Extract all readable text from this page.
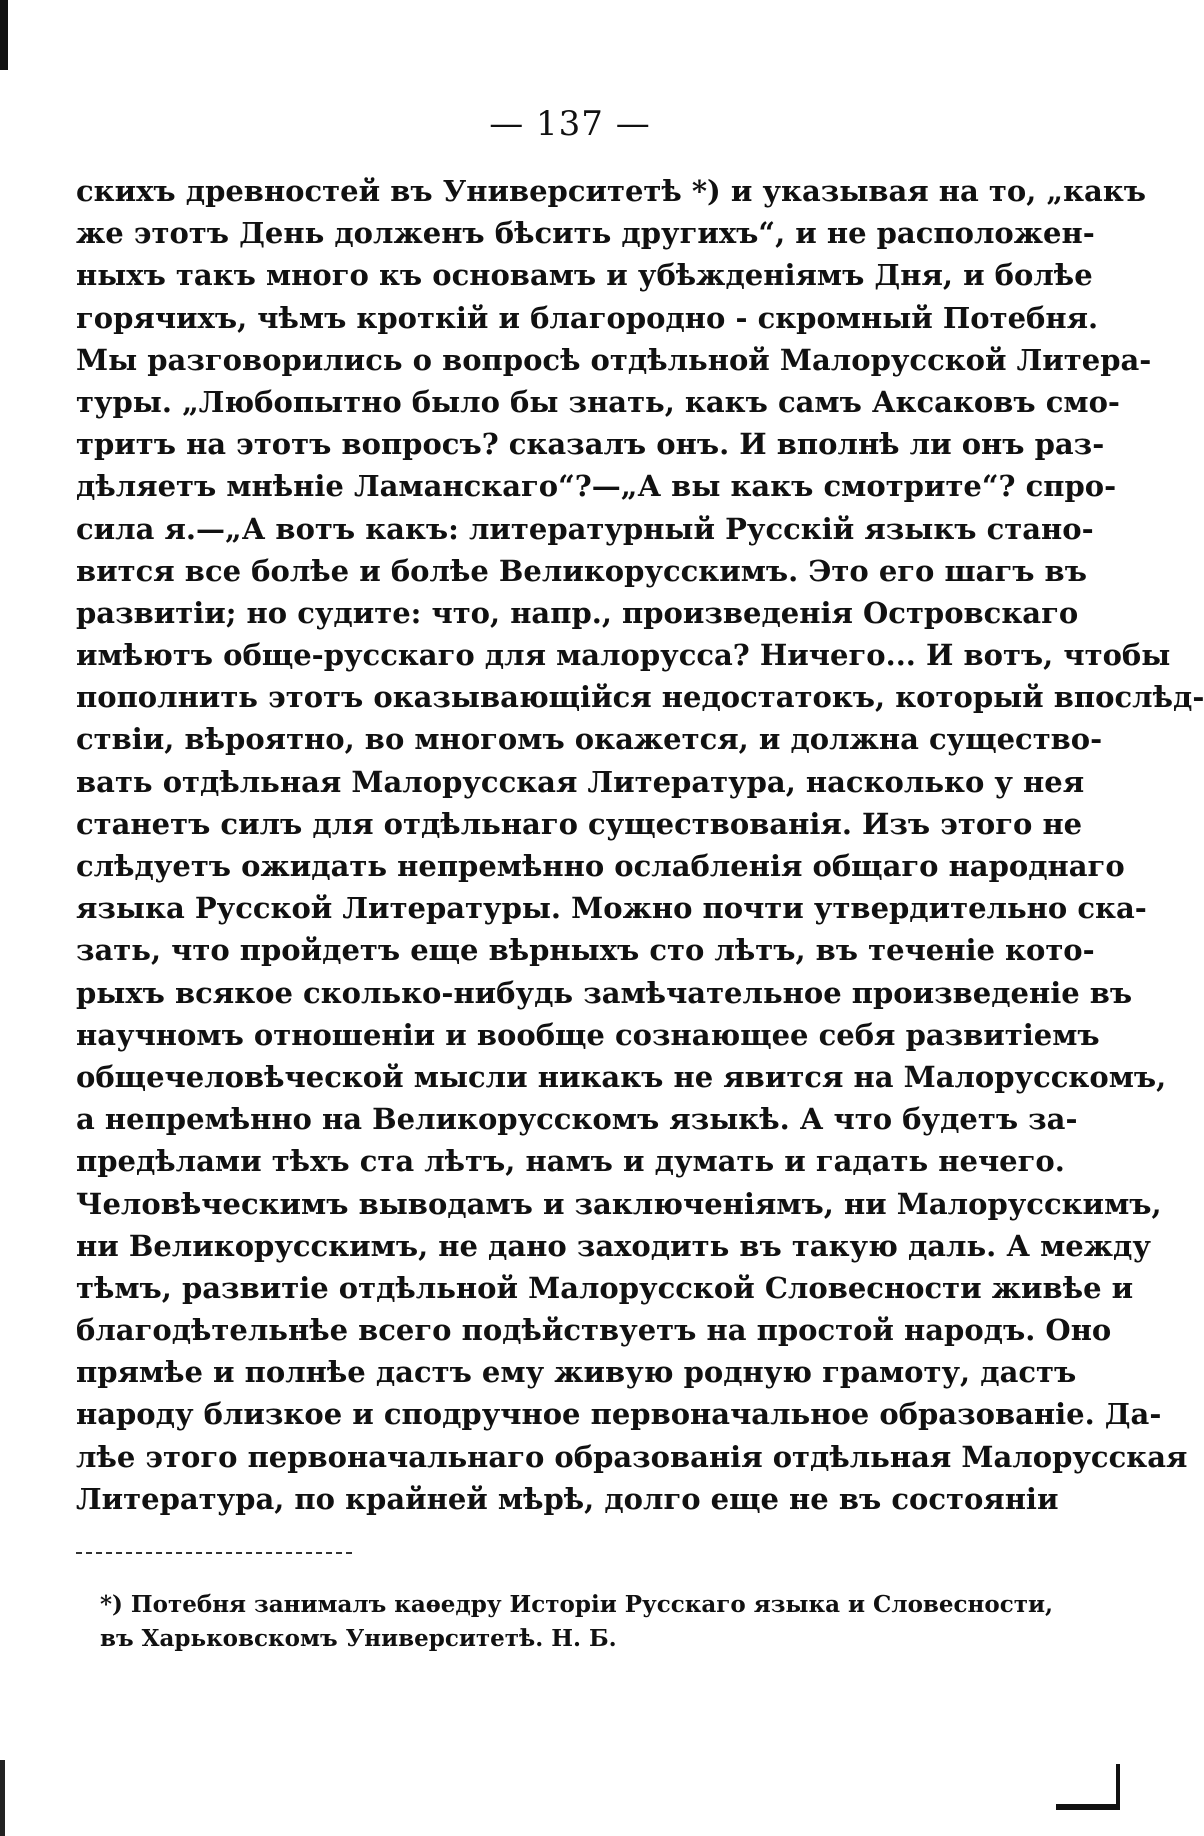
— 137 —
скихъ древностей въ Университетѣ *) и указывая на то, „какъ
же этотъ День долженъ бѣсить другихъ“, и не расположен-
ныхъ такъ много къ основамъ и убѣжденіямъ Дня, и болѣе
горячихъ, чѣмъ кроткій и благородно - скромный Потебня.
Мы разговорились о вопросѣ отдѣльной Малорусской Литера-
туры. „Любопытно было бы знать, какъ самъ Аксаковъ смо-
тритъ на этотъ вопросъ? сказалъ онъ. И вполнѣ ли онъ раз-
дѣляетъ мнѣніе Ламанскаго“?—„А вы какъ смотрите“? спро-
сила я.—„А вотъ какъ: литературный Русскій языкъ стано-
вится все болѣе и болѣе Великорусскимъ. Это его шагъ въ
развитіи; но судите: что, напр., произведенія Островскаго
имѣютъ обще-русскаго для малорусса? Ничего... И вотъ, чтобы
пополнить этотъ оказывающійся недостатокъ, который впослѣд-
ствіи, вѣроятно, во многомъ окажется, и должна существо-
вать отдѣльная Малорусская Литература, насколько у нея
станетъ силъ для отдѣльнаго существованія. Изъ этого не
слѣдуетъ ожидать непремѣнно ослабленія общаго народнаго
языка Русской Литературы. Можно почти утвердительно ска-
зать, что пройдетъ еще вѣрныхъ сто лѣтъ, въ теченіе кото-
рыхъ всякое сколько-нибудь замѣчательное произведеніе въ
научномъ отношеніи и вообще сознающее себя развитіемъ
общечеловѣческой мысли никакъ не явится на Малорусскомъ,
а непремѣнно на Великорусскомъ языкѣ. А что будетъ за-
предѣлами тѣхъ ста лѣтъ, намъ и думать и гадать нечего.
Человѣческимъ выводамъ и заключеніямъ, ни Малорусскимъ,
ни Великорусскимъ, не дано заходить въ такую даль. А между
тѣмъ, развитіе отдѣльной Малорусской Словесности живѣе и
благодѣтельнѣе всего подѣйствуетъ на простой народъ. Оно
прямѣе и полнѣе дастъ ему живую родную грамоту, дастъ
народу близкое и сподручное первоначальное образованіе. Да-
лѣе этого первоначальнаго образованія отдѣльная Малорусская
Литература, по крайней мѣрѣ, долго еще не въ состояніи
*) Потебня занималъ каѳедру Исторіи Русскаго языка и Словесности,
въ Харьковскомъ Университетѣ. Н. Б.
